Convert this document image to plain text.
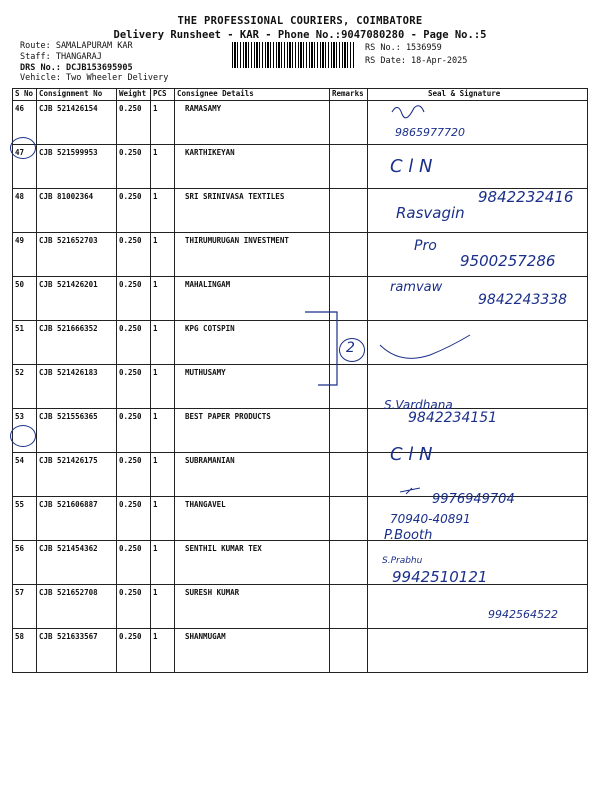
THE PROFESSIONAL COURIERS, COIMBATORE
Delivery Runsheet - KAR - Phone No.:9047080280 - Page No.:5
Route: SAMALAPURAM KAR
Staff: THANGARAJ
DRS No.: DCJB153695905
Vehicle: Two Wheeler Delivery
RS No.: 1536959
RS Date: 18-Apr-2025
S No	Consignment No	Weight	PCS	Consignee Details	Remarks	Seal & Signature
46	CJB 521426154	0.250	1	RAMASAMY		
47	CJB 521599953	0.250	1	KARTHIKEYAN		
48	CJB 81002364	0.250	1	SRI SRINIVASA TEXTILES		
49	CJB 521652703	0.250	1	THIRUMURUGAN INVESTMENT		
50	CJB 521426201	0.250	1	MAHALINGAM		
51	CJB 521666352	0.250	1	KPG COTSPIN		
52	CJB 521426183	0.250	1	MUTHUSAMY		
53	CJB 521556365	0.250	1	BEST PAPER PRODUCTS		
54	CJB 521426175	0.250	1	SUBRAMANIAN		
55	CJB 521606887	0.250	1	THANGAVEL		
56	CJB 521454362	0.250	1	SENTHIL KUMAR TEX		
57	CJB 521652708	0.250	1	SURESH KUMAR		
58	CJB 521633567	0.250	1	SHANMUGAM		
2
9865977720
C l N
9842232416
Rasvagin
Pro
9500257286
ramvaw
9842243338
S.Vardhana
9842234151
C l N
9976949704
70940-40891
P.Booth
S.Prabhu
9942510121
9942564522
